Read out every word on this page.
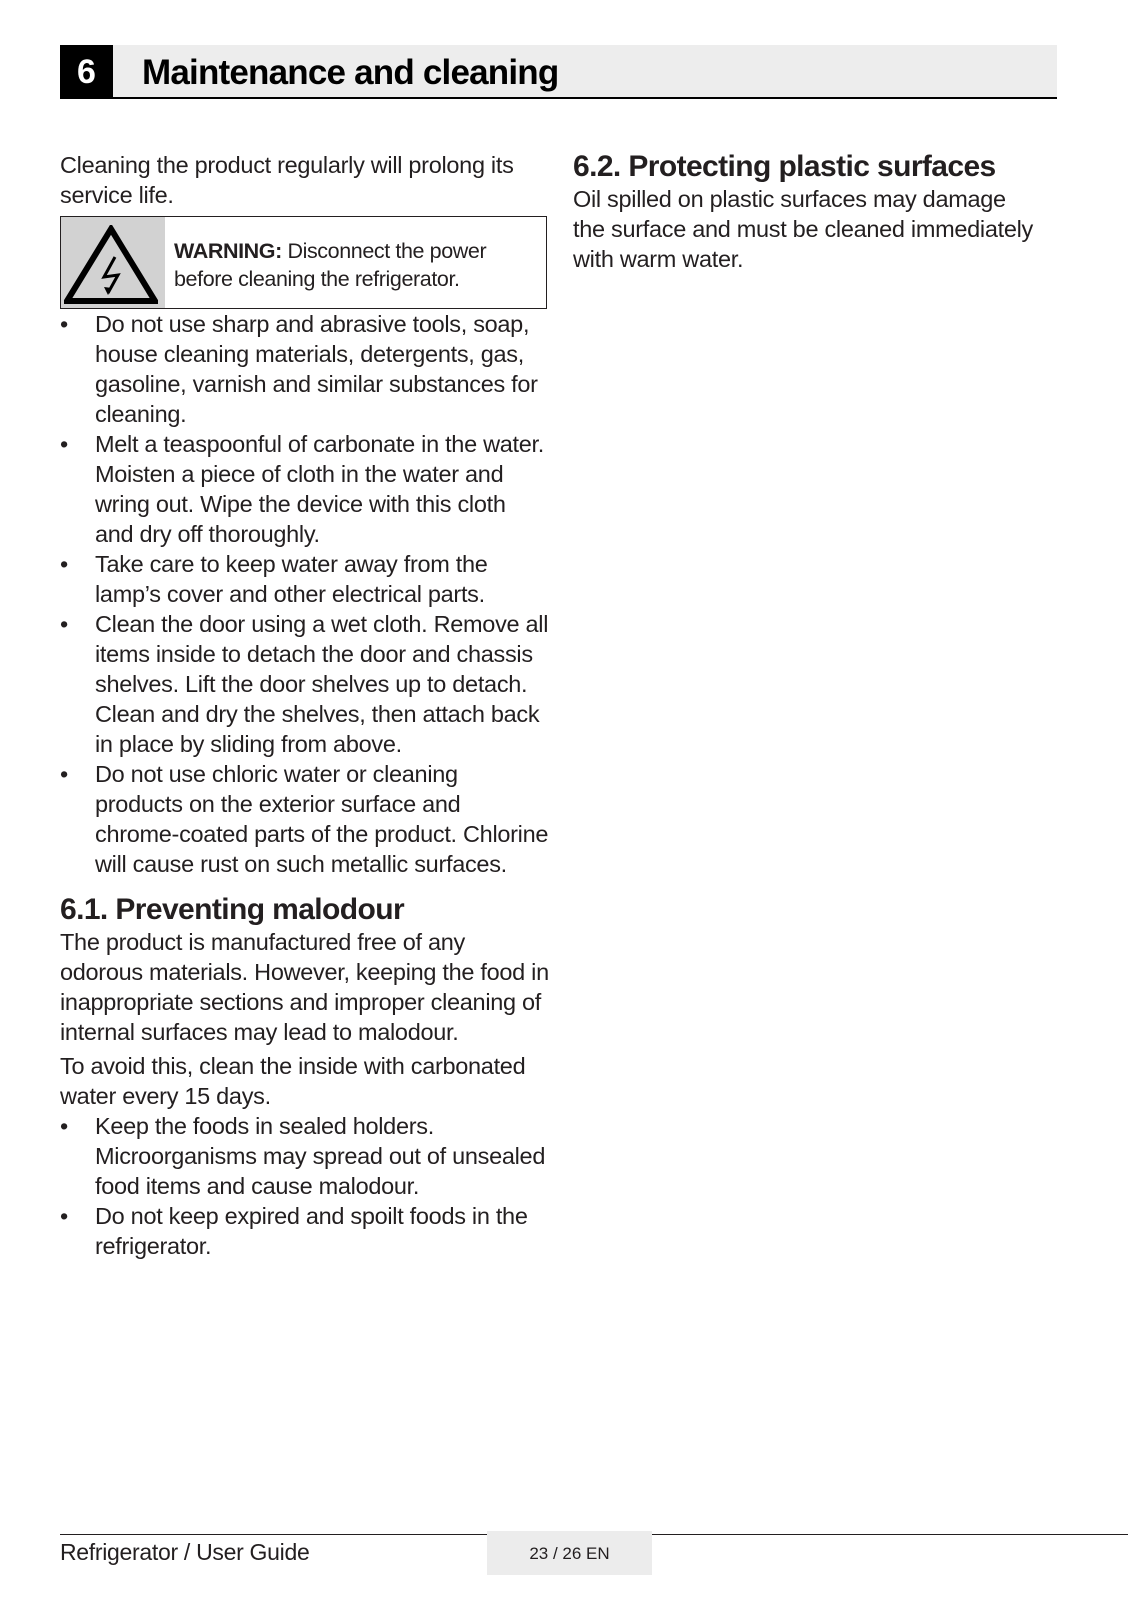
6	Maintenance and cleaning

Cleaning the product regularly will prolong its service life.

WARNING: Disconnect the power before cleaning the refrigerator.
• Do not use sharp and abrasive tools, soap, house cleaning materials, detergents, gas, gasoline, varnish and similar substances for cleaning.
• Melt a teaspoonful of carbonate in the water. Moisten a piece of cloth in the water and wring out. Wipe the device with this cloth and dry off thoroughly.
• Take care to keep water away from the lamp’s cover and other electrical parts.
• Clean the door using a wet cloth. Remove all items inside to detach the door and chassis shelves. Lift the door shelves up to detach. Clean and dry the shelves, then attach back in place by sliding from above.
• Do not use chloric water or cleaning products on the exterior surface and chrome-coated parts of the product. Chlorine will cause rust on such metallic surfaces.
6.1. Preventing malodour

The product is manufactured free of any odorous materials. However, keeping the food in inappropriate sections and improper cleaning of internal surfaces may lead to malodour.

To avoid this, clean the inside with carbonated water every 15 days.

• Keep the foods in sealed holders. Microorganisms may spread out of unsealed food items and cause malodour.
• Do not keep expired and spoilt foods in the refrigerator.
6.2. Protecting plastic surfaces

Oil spilled on plastic surfaces may damage the surface and must be cleaned immediately with warm water.

Refrigerator / User Guide	23 / 26 EN
